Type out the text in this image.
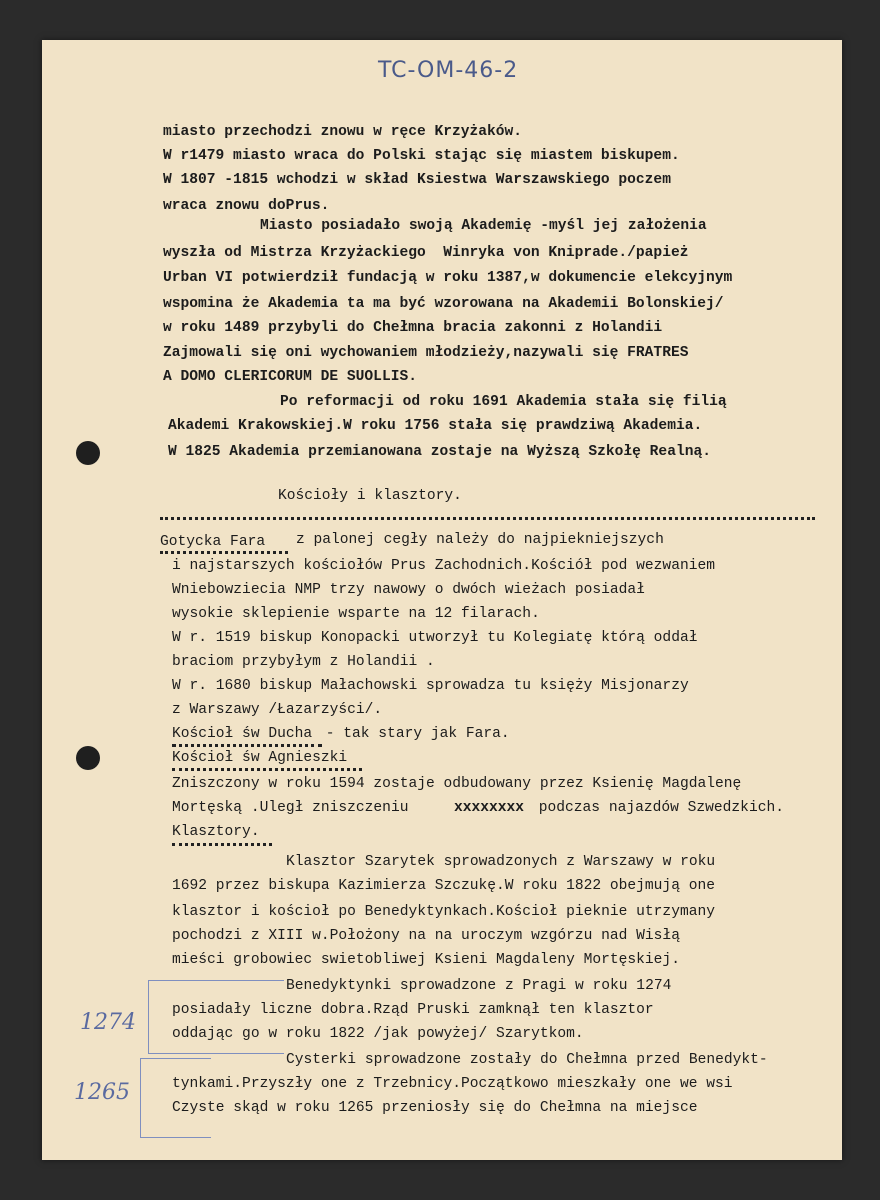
TC-OM-46-2

miasto przechodzi znowu w ręce Krzyżaków.

W r1479 miasto wraca do Polski stając się miastem biskupem.

W 1807 -1815 wchodzi w skład Ksiestwa Warszawskiego poczem

wraca znowu doPrus.

Miasto posiadało swoją Akademię -myśl jej założenia

wyszła od Mistrza Krzyżackiego  Winryka von Kniprade./papież

Urban VI potwierdził fundacją w roku 1387,w dokumencie elekcyjnym

wspomina że Akademia ta ma być wzorowana na Akademii Bolonskiej/

w roku 1489 przybyli do Chełmna bracia zakonni z Holandii

Zajmowali się oni wychowaniem młodzieży,nazywali się FRATRES

A DOMO CLERICORUM DE SUOLLIS.

Po reformacji od roku 1691 Akademia stała się filią

Akademi Krakowskiej.W roku 1756 stała się prawdziwą Akademia.

W 1825 Akademia przemianowana zostaje na Wyższą Szkołę Realną.

Kościoły i klasztory.

Gotycka Fara z palonej cegły należy do najpiekniejszych

i najstarszych kościołów Prus Zachodnich.Kościół pod wezwaniem

Wniebowziecia NMP trzy nawowy o dwóch wieżach posiadał

wysokie sklepienie wsparte na 12 filarach.

W r. 1519 biskup Konopacki utworzył tu Kolegiatę którą oddał

braciom przybyłym z Holandii .

W r. 1680 biskup Małachowski sprowadza tu księży Misjonarzy

z Warszawy /Łazarzyści/.

Kościoł św Ducha - tak stary jak Fara.

Kościoł św Agnieszki

Zniszczony w roku 1594 zostaje odbudowany przez Ksienię Magdalenę

Mortęską .Uległ zniszczeniu	xxxxxxxx podczas najazdów Szwedzkich.

Klasztory.

Klasztor Szarytek sprowadzonych z Warszawy w roku

1692 przez biskupa Kazimierza Szczukę.W roku 1822 obejmują one

klasztor i kościoł po Benedyktynkach.Kościoł pieknie utrzymany

pochodzi z XIII w.Położony na na uroczym wzgórzu nad Wisłą

mieści grobowiec swietobliwej Ksieni Magdaleny Mortęskiej.

Benedyktynki sprowadzone z Pragi w roku 1274

posiadały liczne dobra.Rząd Pruski zamknął ten klasztor

oddając go w roku 1822 /jak powyżej/ Szarytkom.

Cysterki sprowadzone zostały do Chełmna przed Benedykt-

tynkami.Przyszły one z Trzebnicy.Początkowo mieszkały one we wsi

Czyste skąd w roku 1265 przeniosły się do Chełmna na miejsce

1274
1265
